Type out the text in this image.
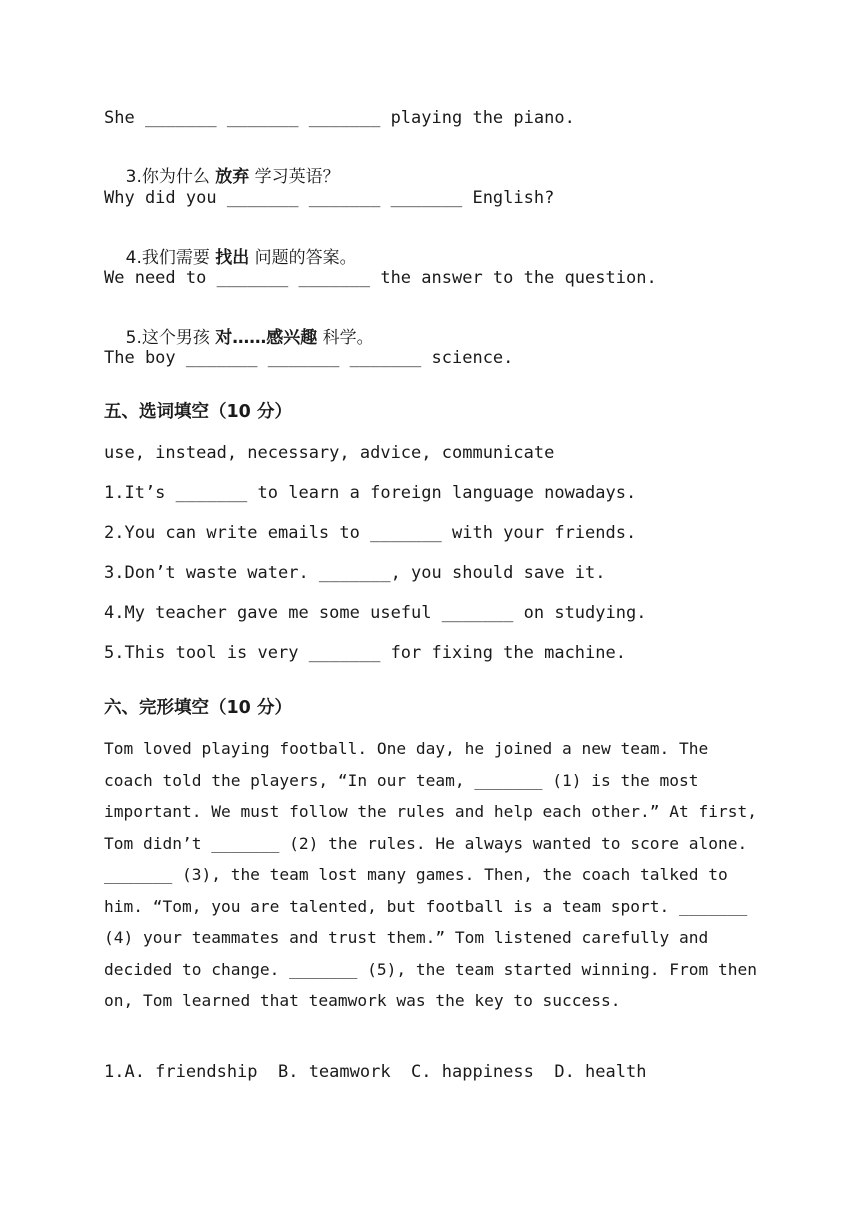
She _______ _______ _______ playing the piano.

3.你为什么 放弃 学习英语？

Why did you _______ _______ _______ English?

4.我们需要 找出 问题的答案。

We need to _______ _______ the answer to the question.

5.这个男孩 对……感兴趣 科学。

The boy _______ _______ _______ science.
五、选词填空（10 分）
use, instead, necessary, advice, communicate
1.It’s _______ to learn a foreign language nowadays.
2.You can write emails to _______ with your friends.
3.Don’t waste water. _______, you should save it.
4.My teacher gave me some useful _______ on studying.
5.This tool is very _______ for fixing the machine.
六、完形填空（10 分）
Tom loved playing football. One day, he joined a new team. The coach told the players, “In our team, _______ (1) is the most important. We must follow the rules and help each other.” At first, Tom didn’t _______ (2) the rules. He always wanted to score alone. _______ (3), the team lost many games. Then, the coach talked to him. “Tom, you are talented, but football is a team sport. _______ (4) your teammates and trust them.” Tom listened carefully and decided to change. _______ (5), the team started winning. From then on, Tom learned that teamwork was the key to success.
1.A. friendship  B. teamwork  C. happiness  D. health
